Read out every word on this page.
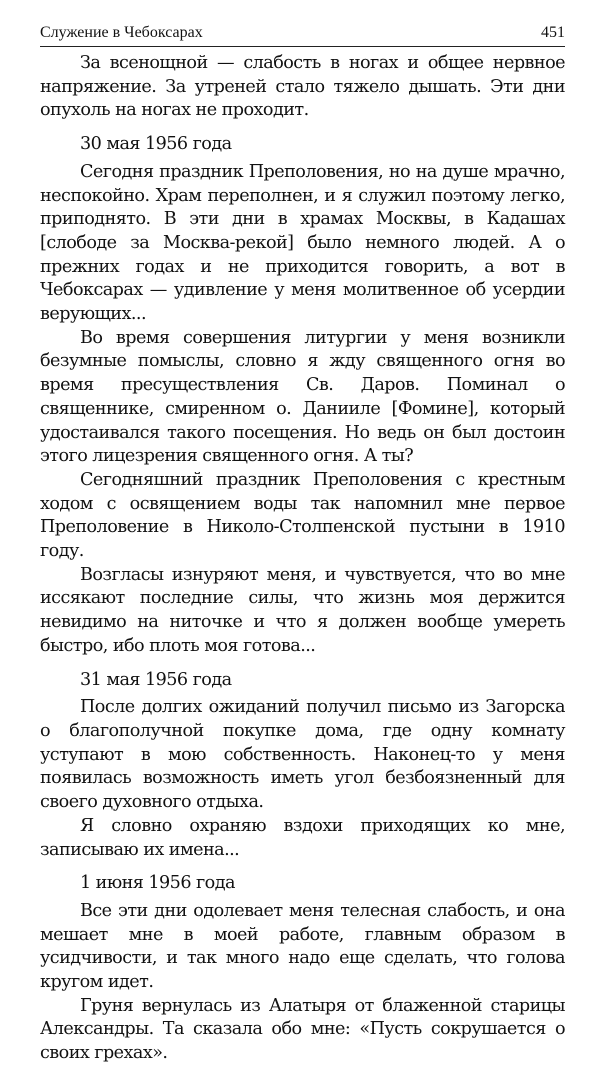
Служение в Чебоксарах	451

За всенощной — слабость в ногах и общее нервное напряжение. За утреней стало тяжело дышать. Эти дни опухоль на ногах не проходит.

30 мая 1956 года

Сегодня праздник Преполовения, но на душе мрачно, неспокойно. Храм переполнен, и я служил поэтому легко, приподнято. В эти дни в храмах Москвы, в Кадашах [слободе за Москва-рекой] было немного людей. А о прежних годах и не приходится говорить, а вот в Чебоксарах — удивление у меня молитвенное об усердии верующих...

Во время совершения литургии у меня возникли безумные помыслы, словно я жду священного огня во время пресуществления Св. Даров. Поминал о священнике, смиренном о. Данииле [Фомине], который удостаивался такого посещения. Но ведь он был достоин этого лицезрения священного огня. А ты?

Сегодняшний праздник Преполовения с крестным ходом с освящением воды так напомнил мне первое Преполовение в Николо-Столпенской пустыни в 1910 году.

Возгласы изнуряют меня, и чувствуется, что во мне иссякают последние силы, что жизнь моя держится невидимо на ниточке и что я должен вообще умереть быстро, ибо плоть моя готова...

31 мая 1956 года

После долгих ожиданий получил письмо из Загорска о благополучной покупке дома, где одну комнату уступают в мою собственность. Наконец-то у меня появилась возможность иметь угол безбоязненный для своего духовного отдыха.

Я словно охраняю вздохи приходящих ко мне, записываю их имена...

1 июня 1956 года

Все эти дни одолевает меня телесная слабость, и она мешает мне в моей работе, главным образом в усидчивости, и так много надо еще сделать, что голова кругом идет.

Груня вернулась из Алатыря от блаженной старицы Александры. Та сказала обо мне: «Пусть сокрушается о своих грехах».
